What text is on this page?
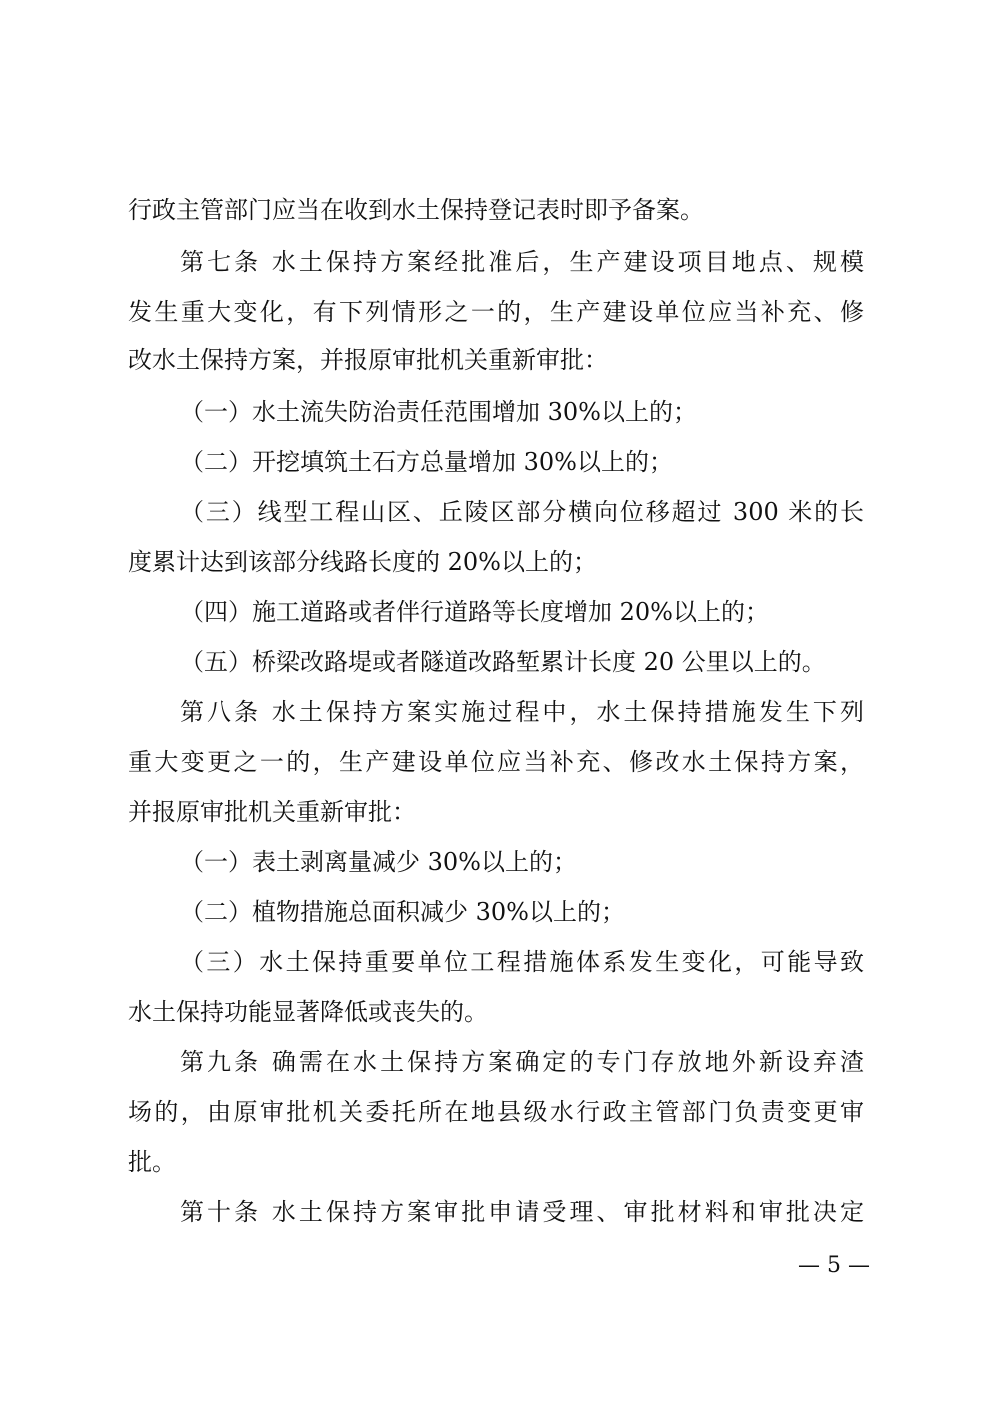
行政主管部门应当在收到水土保持登记表时即予备案。
第七条 水土保持方案经批准后，生产建设项目地点、规模
发生重大变化，有下列情形之一的，生产建设单位应当补充、修
改水土保持方案，并报原审批机关重新审批：
（一）水土流失防治责任范围增加 30%以上的；
（二）开挖填筑土石方总量增加 30%以上的；
（三）线型工程山区、丘陵区部分横向位移超过 300 米的长
度累计达到该部分线路长度的 20%以上的；
（四）施工道路或者伴行道路等长度增加 20%以上的；
（五）桥梁改路堤或者隧道改路堑累计长度 20 公里以上的。
第八条 水土保持方案实施过程中，水土保持措施发生下列
重大变更之一的，生产建设单位应当补充、修改水土保持方案，
并报原审批机关重新审批：
（一）表土剥离量减少 30%以上的；
（二）植物措施总面积减少 30%以上的；
（三）水土保持重要单位工程措施体系发生变化，可能导致
水土保持功能显著降低或丧失的。
第九条 确需在水土保持方案确定的专门存放地外新设弃渣
场的，由原审批机关委托所在地县级水行政主管部门负责变更审
批。
第十条 水土保持方案审批申请受理、审批材料和审批决定
— 5 —
